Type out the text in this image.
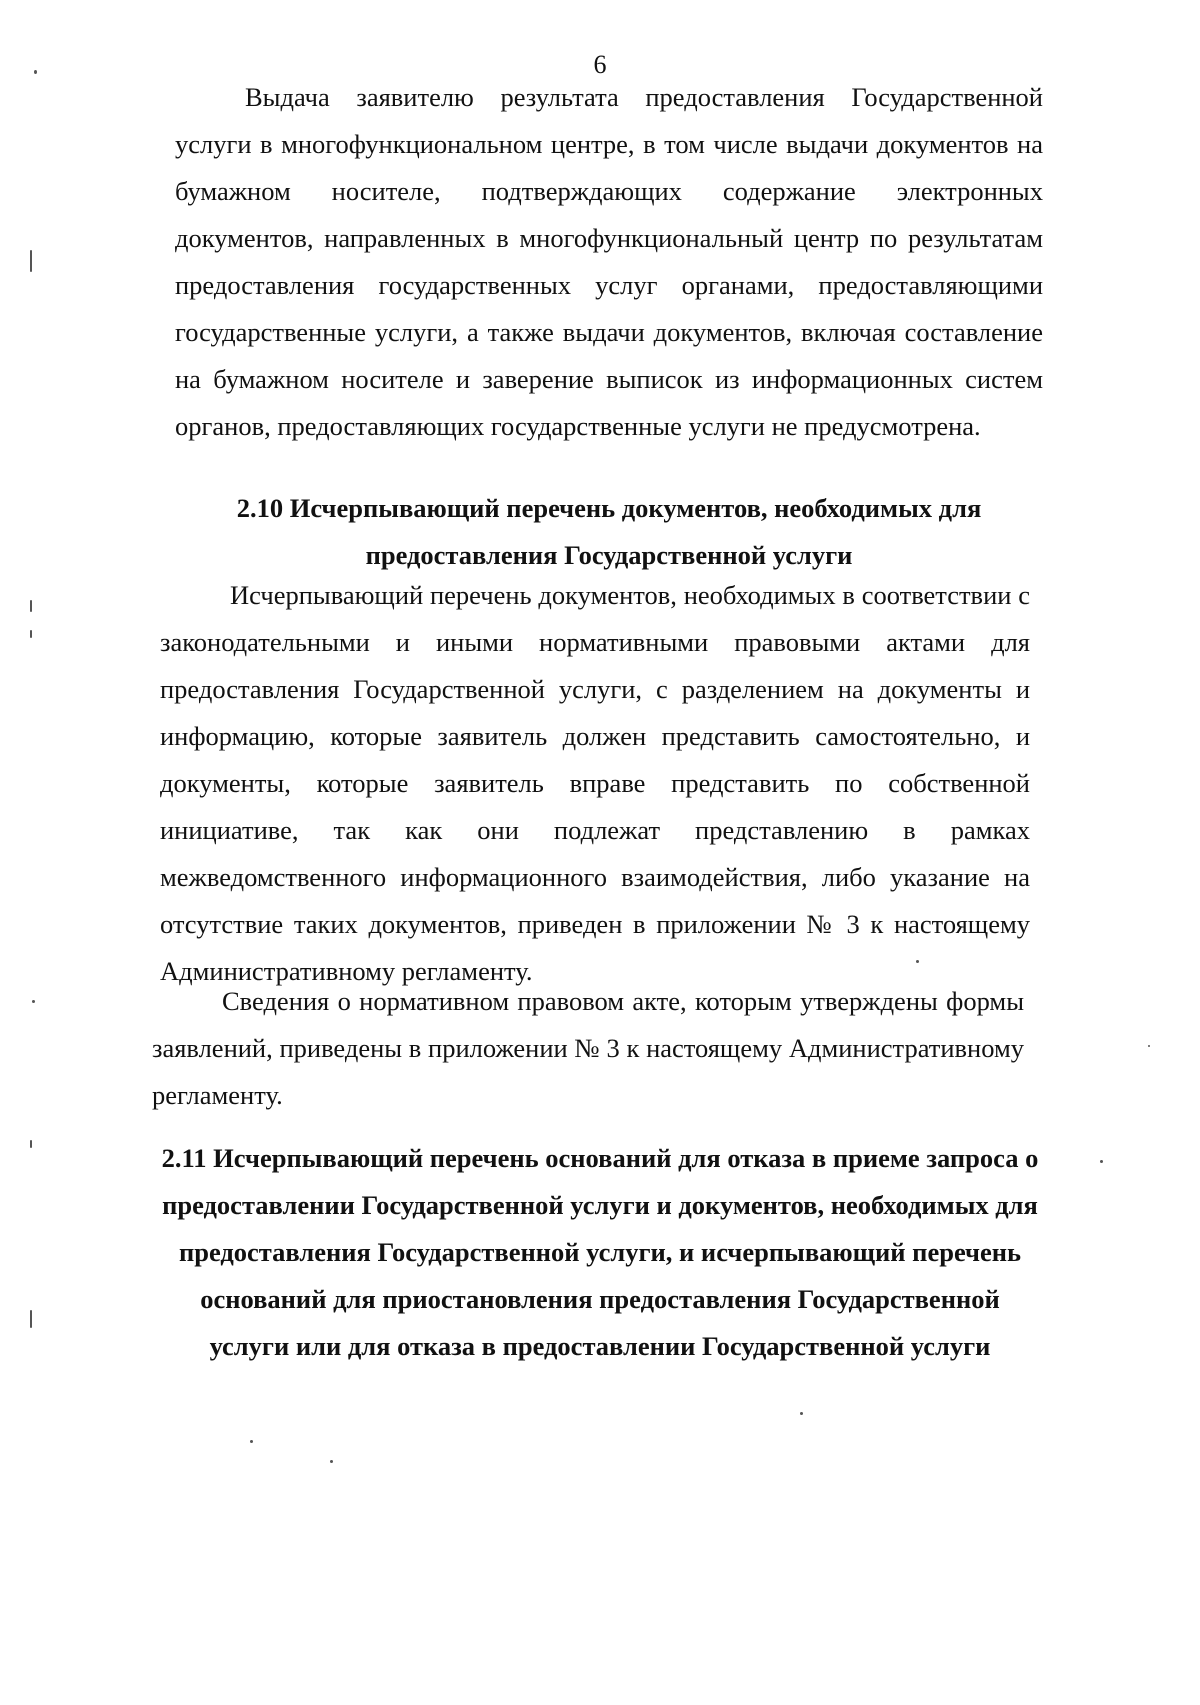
6

Выдача заявителю результата предоставления Государственной услуги в многофункциональном центре, в том числе выдачи документов на бумажном носителе, подтверждающих содержание электронных документов, направленных в многофункциональный центр по результатам предоставления государственных услуг органами, предоставляющими государственные услуги, а также выдачи документов, включая составление на бумажном носителе и заверение выписок из информационных систем органов, предоставляющих государственные услуги не предусмотрена.

2.10 Исчерпывающий перечень документов, необходимых для предоставления Государственной услуги

Исчерпывающий перечень документов, необходимых в соответствии с законодательными и иными нормативными правовыми актами для предоставления Государственной услуги, с разделением на документы и информацию, которые заявитель должен представить самостоятельно, и документы, которые заявитель вправе представить по собственной инициативе, так как они подлежат представлению в рамках межведомственного информационного взаимодействия, либо указание на отсутствие таких документов, приведен в приложении № 3 к настоящему Административному регламенту.

Сведения о нормативном правовом акте, которым утверждены формы заявлений, приведены в приложении № 3 к настоящему Административному регламенту.

2.11 Исчерпывающий перечень оснований для отказа в приеме запроса о предоставлении Государственной услуги и документов, необходимых для предоставления Государственной услуги, и исчерпывающий перечень оснований для приостановления предоставления Государственной услуги или для отказа в предоставлении Государственной услуги
